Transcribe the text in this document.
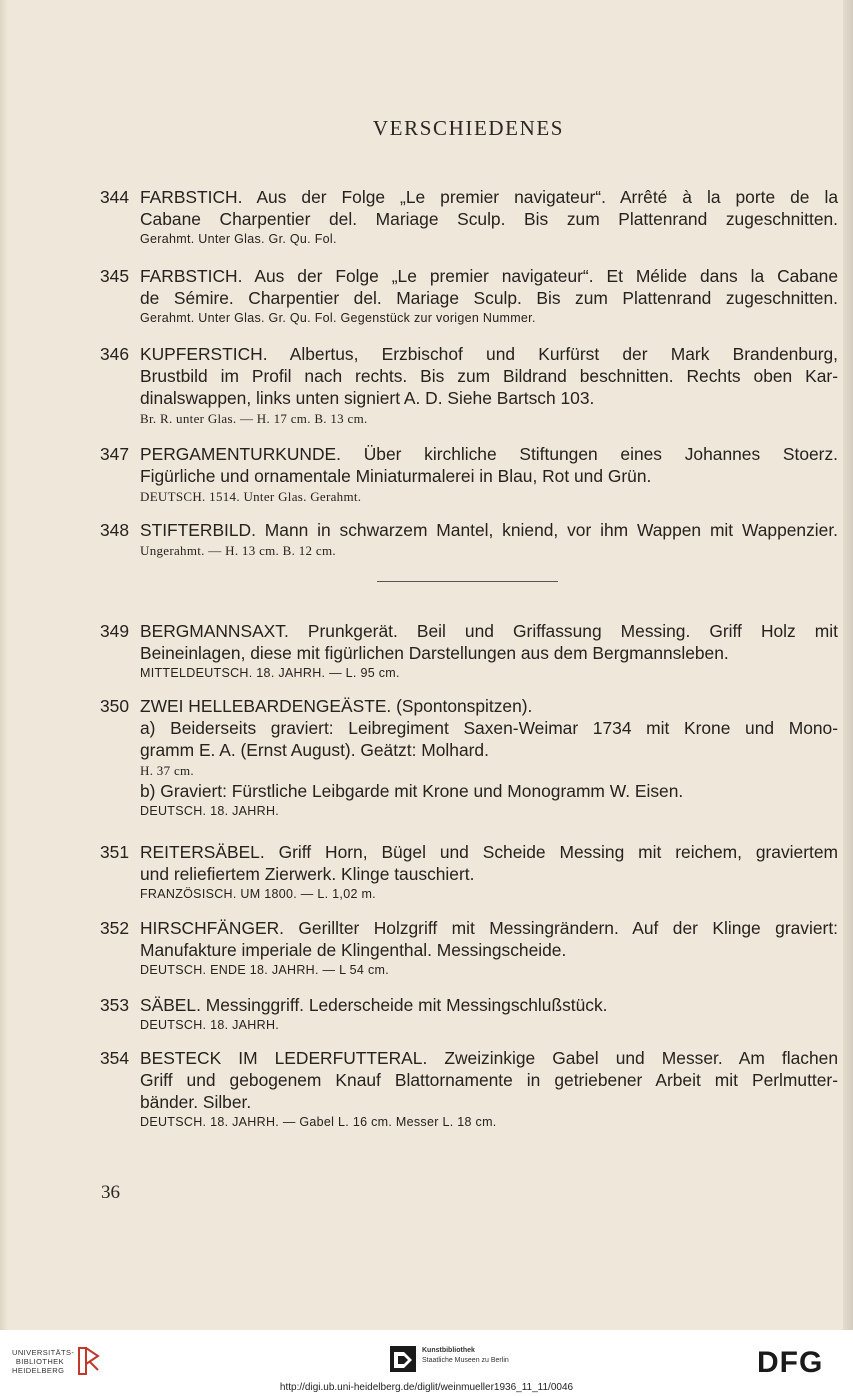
VERSCHIEDENES
344 FARBSTICH. Aus der Folge „Le premier navigateur“. Arrêté à la porte de la
Cabane Charpentier del. Mariage Sculp. Bis zum Plattenrand zugeschnitten.
Gerahmt. Unter Glas. Gr. Qu. Fol.
345 FARBSTICH. Aus der Folge „Le premier navigateur“. Et Mélide dans la Cabane
de Sémire. Charpentier del. Mariage Sculp. Bis zum Plattenrand zugeschnitten.
Gerahmt. Unter Glas. Gr. Qu. Fol. Gegenstück zur vorigen Nummer.
346 KUPFERSTICH. Albertus, Erzbischof und Kurfürst der Mark Brandenburg,
Brustbild im Profil nach rechts. Bis zum Bildrand beschnitten. Rechts oben Kar-
dinalswappen, links unten signiert A. D. Siehe Bartsch 103.
Br. R. unter Glas. — H. 17 cm. B. 13 cm.
347 PERGAMENTURKUNDE. Über kirchliche Stiftungen eines Johannes Stoerz.
Figürliche und ornamentale Miniaturmalerei in Blau, Rot und Grün.
DEUTSCH. 1514. Unter Glas. Gerahmt.
348 STIFTERBILD. Mann in schwarzem Mantel, kniend, vor ihm Wappen mit Wappenzier.
Ungerahmt. — H. 13 cm. B. 12 cm.
349 BERGMANNSAXT. Prunkgerät. Beil und Griffassung Messing. Griff Holz mit
Beineinlagen, diese mit figürlichen Darstellungen aus dem Bergmannsleben.
MITTELDEUTSCH. 18. JAHRH. — L. 95 cm.
350 ZWEI HELLEBARDENGEÄSTE. (Spontonspitzen).
a) Beiderseits graviert: Leibregiment Saxen-Weimar 1734 mit Krone und Mono-
gramm E. A. (Ernst August). Geätzt: Molhard.
H. 37 cm.
b) Graviert: Fürstliche Leibgarde mit Krone und Monogramm W. Eisen.
DEUTSCH. 18. JAHRH.
351 REITERSÄBEL. Griff Horn, Bügel und Scheide Messing mit reichem, graviertem
und reliefiertem Zierwerk. Klinge tauschiert.
FRANZÖSISCH. UM 1800. — L. 1,02 m.
352 HIRSCHFÄNGER. Gerillter Holzgriff mit Messingrändern. Auf der Klinge graviert:
Manufakture imperiale de Klingenthal. Messingscheide.
DEUTSCH. ENDE 18. JAHRH. — L 54 cm.
353 SÄBEL. Messinggriff. Lederscheide mit Messingschlußstück.
DEUTSCH. 18. JAHRH.
354 BESTECK IM LEDERFUTTERAL. Zweizinkige Gabel und Messer. Am flachen
Griff und gebogenem Knauf Blattornamente in getriebener Arbeit mit Perlmutter-
bänder. Silber.
DEUTSCH. 18. JAHRH. — Gabel L. 16 cm. Messer L. 18 cm.
36
UNIVERSITÄTS-
BIBLIOTHEK
HEIDELBERG
Kunstbibliothek
Staatliche Museen zu Berlin	DFG
http://digi.ub.uni-heidelberg.de/diglit/weinmueller1936_11_11/0046
